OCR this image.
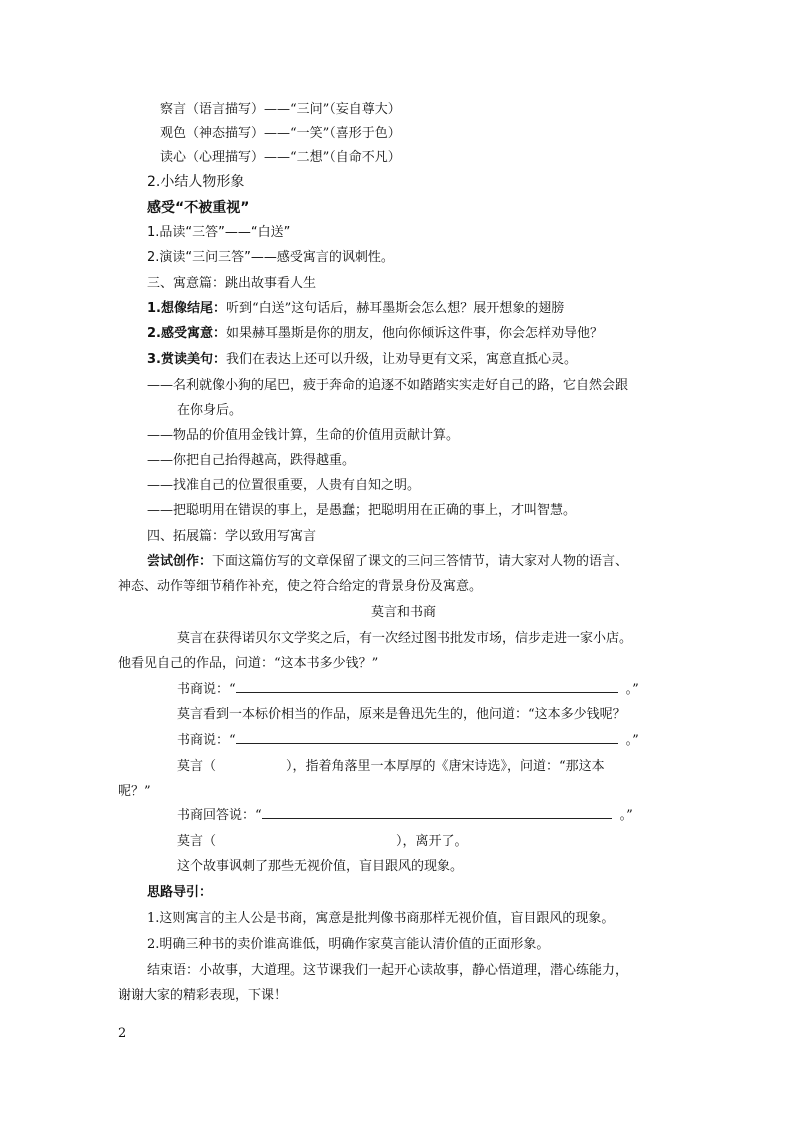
察言（语言描写）——“三问”（妄自尊大）
观色（神态描写）——“一笑”（喜形于色）
读心（心理描写）——“二想”（自命不凡）
2.小结人物形象
感受“不被重视”
1.品读“三答”——“白送”
2.演读“三问三答”——感受寓言的讽刺性。
三、寓意篇：跳出故事看人生
1.想像结尾：听到“白送”这句话后，赫耳墨斯会怎么想？展开想象的翅膀
2.感受寓意：如果赫耳墨斯是你的朋友，他向你倾诉这件事，你会怎样劝导他？
3.赏读美句：我们在表达上还可以升级，让劝导更有文采，寓意直抵心灵。
——名利就像小狗的尾巴，疲于奔命的追逐不如踏踏实实走好自己的路，它自然会跟
在你身后。
——物品的价值用金钱计算，生命的价值用贡献计算。
——你把自己抬得越高，跌得越重。
——找准自己的位置很重要，人贵有自知之明。
——把聪明用在错误的事上，是愚蠢；把聪明用在正确的事上，才叫智慧。
四、拓展篇：学以致用写寓言
尝试创作：下面这篇仿写的文章保留了课文的三问三答情节，请大家对人物的语言、
神态、动作等细节稍作补充，使之符合给定的背景身份及寓意。
莫言和书商
莫言在获得诺贝尔文学奖之后，有一次经过图书批发市场，信步走进一家小店。
他看见自己的作品，问道：“这本书多少钱？”
书商说：“	。”
莫言看到一本标价相当的作品，原来是鲁迅先生的，他问道：“这本多少钱呢？
书商说：“	。”
莫言（	），指着角落里一本厚厚的《唐宋诗选》，问道：“那这本
呢？”
书商回答说：“	。”
莫言（	），离开了。
这个故事讽刺了那些无视价值，盲目跟风的现象。
思路导引：
1.这则寓言的主人公是书商，寓意是批判像书商那样无视价值，盲目跟风的现象。
2.明确三种书的卖价谁高谁低，明确作家莫言能认清价值的正面形象。
结束语：小故事，大道理。这节课我们一起开心读故事，静心悟道理，潜心练能力，
谢谢大家的精彩表现，下课！
2
